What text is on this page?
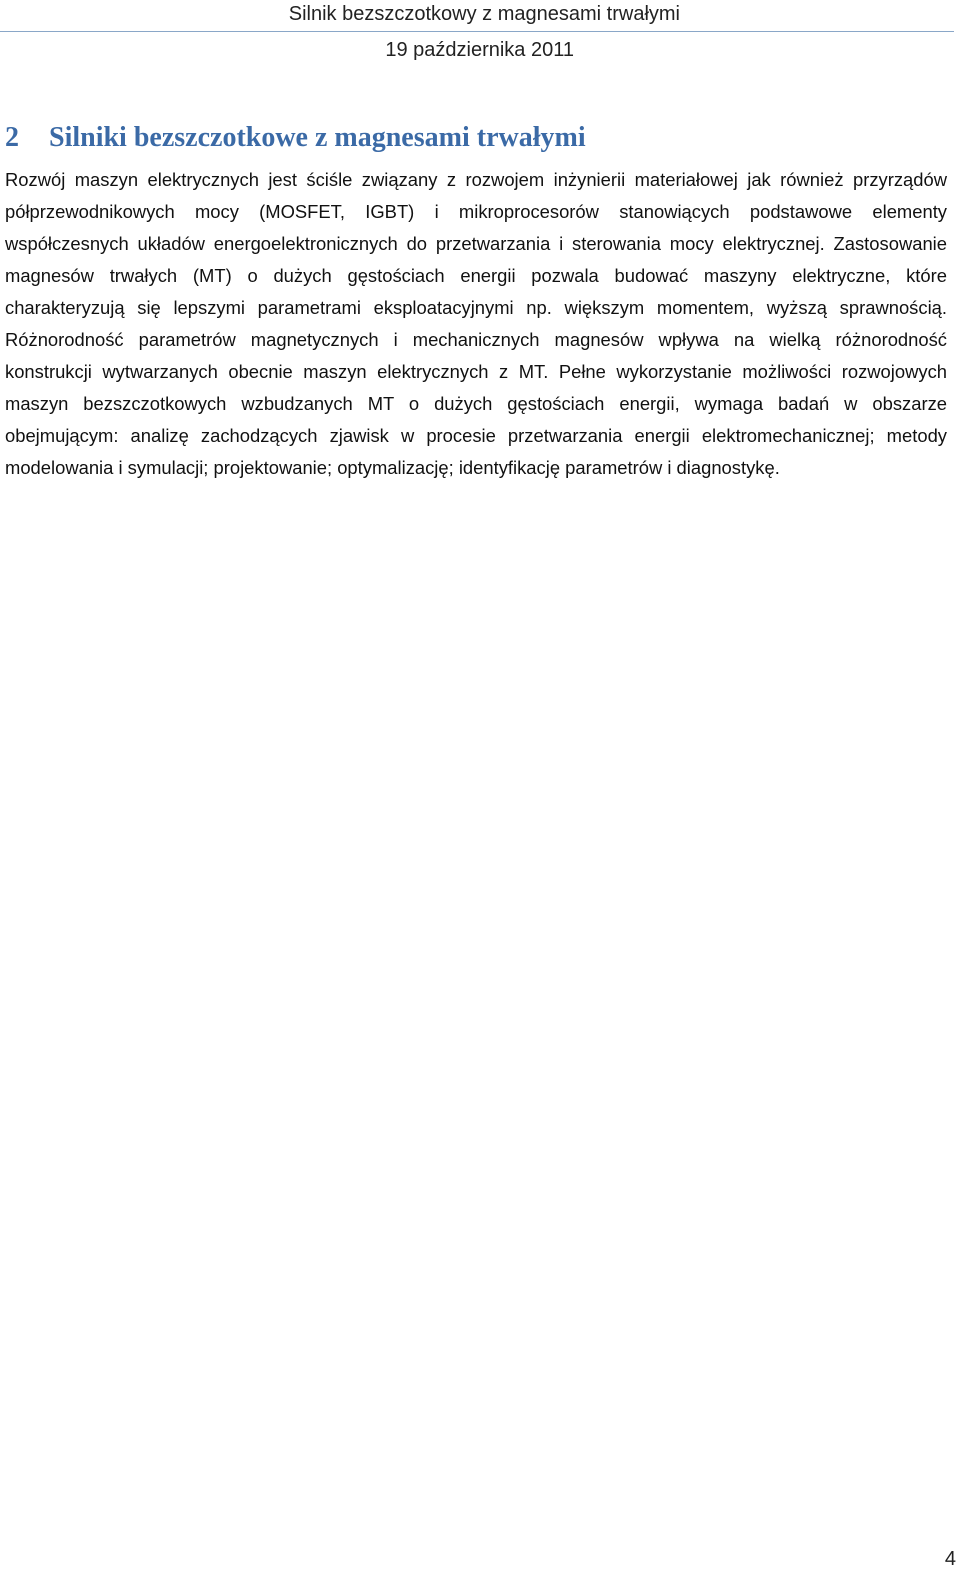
Silnik bezszczotkowy z magnesami trwałymi
19 października 2011
2 Silniki bezszczotkowe z magnesami trwałymi

Rozwój maszyn elektrycznych jest ściśle związany z rozwojem inżynierii materiałowej jak również przyrządów półprzewodnikowych mocy (MOSFET, IGBT) i mikroprocesorów stanowiących podstawowe elementy współczesnych układów energoelektronicznych do przetwarzania i sterowania mocy elektrycznej. Zastosowanie magnesów trwałych (MT) o dużych gęstościach energii pozwala budować maszyny elektryczne, które charakteryzują się lepszymi parametrami eksploatacyjnymi np. większym momentem, wyższą sprawnością. Różnorodność parametrów magnetycznych i mechanicznych magnesów wpływa na wielką różnorodność konstrukcji wytwarzanych obecnie maszyn elektrycznych z MT. Pełne wykorzystanie możliwości rozwojowych maszyn bezszczotkowych wzbudzanych MT o dużych gęstościach energii, wymaga badań w obszarze obejmującym: analizę zachodzących zjawisk w procesie przetwarzania energii elektromechanicznej; metody modelowania i symulacji; projektowanie; optymalizację; identyfikację parametrów i diagnostykę.

4
